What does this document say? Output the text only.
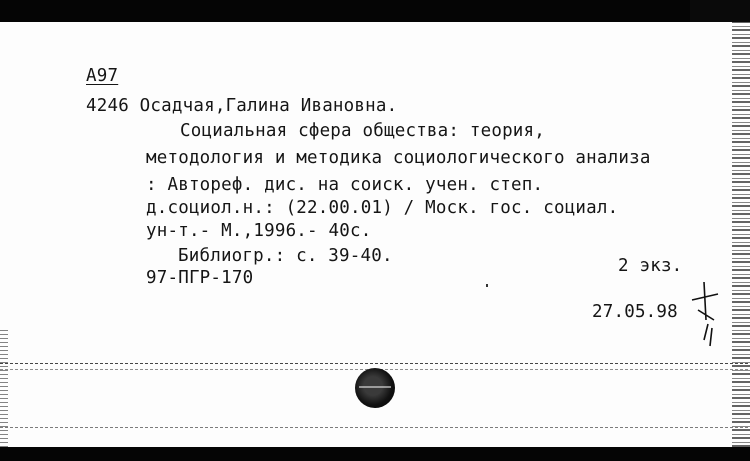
А97
4246 Осадчая,Галина Ивановна.
Социальная сфера общества: теория,
методология и методика социологического анализа
: Автореф. дис. на соиск. учен. степ.
д.социол.н.: (22.00.01) / Моск. гос. социал.
ун-т.- М.,1996.- 40с.
Библиогр.: с. 39-40.
97-ПГР-170
2 экз.
27.05.98
